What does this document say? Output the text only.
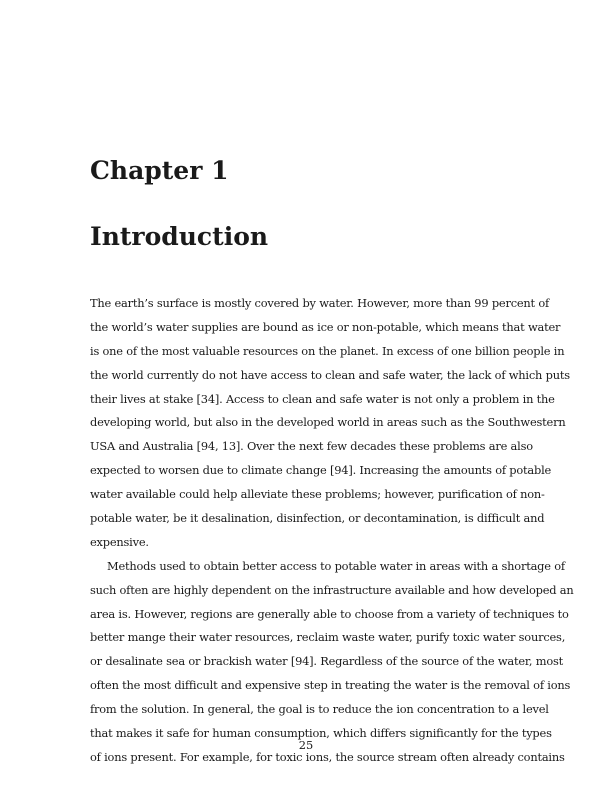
Chapter 1
Introduction
The earth’s surface is mostly covered by water. However, more than 99 percent of
the world’s water supplies are bound as ice or non-potable, which means that water
is one of the most valuable resources on the planet. In excess of one billion people in
the world currently do not have access to clean and safe water, the lack of which puts
their lives at stake [34]. Access to clean and safe water is not only a problem in the
developing world, but also in the developed world in areas such as the Southwestern
USA and Australia [94, 13]. Over the next few decades these problems are also
expected to worsen due to climate change [94]. Increasing the amounts of potable
water available could help alleviate these problems; however, purification of non-
potable water, be it desalination, disinfection, or decontamination, is difficult and
expensive.
Methods used to obtain better access to potable water in areas with a shortage of
such often are highly dependent on the infrastructure available and how developed an
area is. However, regions are generally able to choose from a variety of techniques to
better mange their water resources, reclaim waste water, purify toxic water sources,
or desalinate sea or brackish water [94]. Regardless of the source of the water, most
often the most difficult and expensive step in treating the water is the removal of ions
from the solution. In general, the goal is to reduce the ion concentration to a level
that makes it safe for human consumption, which differs significantly for the types
of ions present. For example, for toxic ions, the source stream often already contains
25
